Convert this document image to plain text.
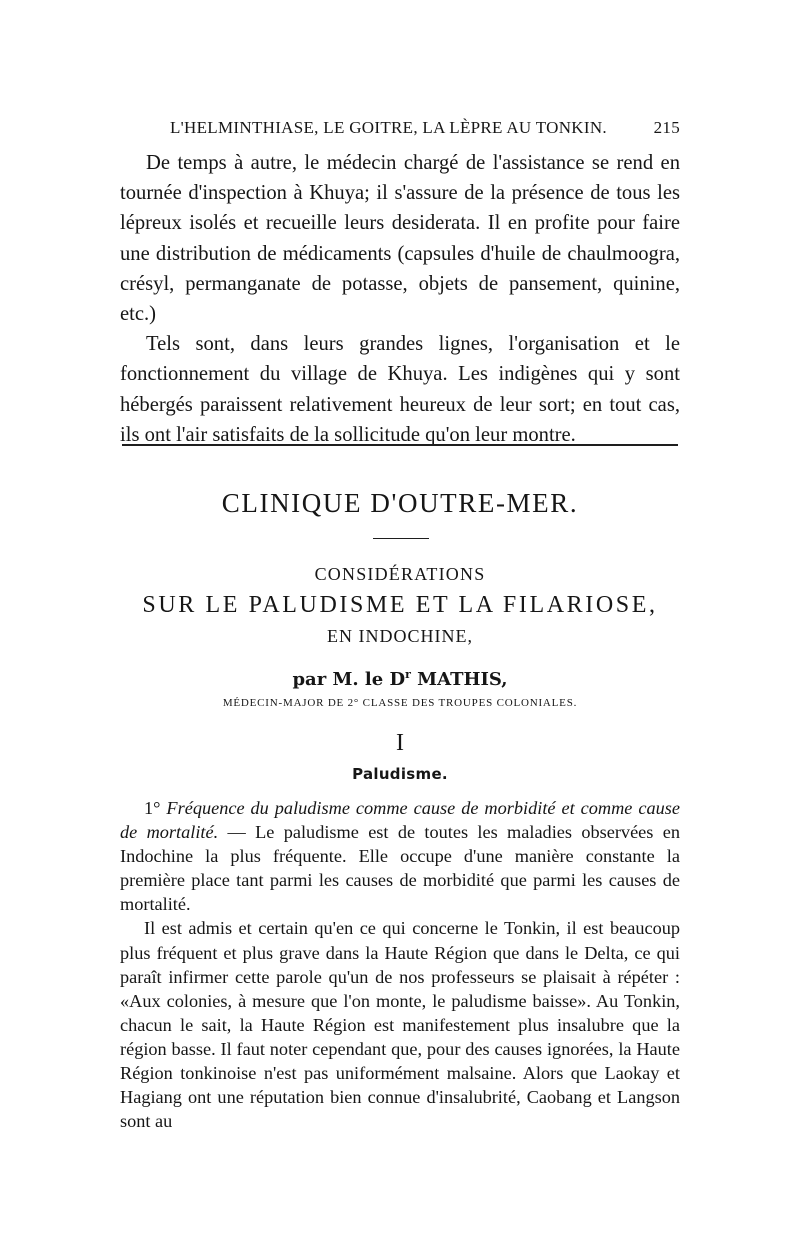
L'HELMINTHIASE, LE GOITRE, LA LÈPRE AU TONKIN.	215

De temps à autre, le médecin chargé de l'assistance se rend en tournée d'inspection à Khuya; il s'assure de la présence de tous les lépreux isolés et recueille leurs desiderata. Il en profite pour faire une distribution de médicaments (capsules d'huile de chaulmoogra, crésyl, permanganate de potasse, objets de pansement, quinine, etc.)

Tels sont, dans leurs grandes lignes, l'organisation et le fonctionnement du village de Khuya. Les indigènes qui y sont hébergés paraissent relativement heureux de leur sort; en tout cas, ils ont l'air satisfaits de la sollicitude qu'on leur montre.

CLINIQUE D'OUTRE-MER.
CONSIDÉRATIONS
SUR LE PALUDISME ET LA FILARIOSE,
EN INDOCHINE,
par M. le $D^r$ MATHIS,
MÉDECIN-MAJOR DE 2° CLASSE DES TROUPES COLONIALES.
I
Paludisme.

1° Fréquence du paludisme comme cause de morbidité et comme cause de mortalité. — Le paludisme est de toutes les maladies observées en Indochine la plus fréquente. Elle occupe d'une manière constante la première place tant parmi les causes de morbidité que parmi les causes de mortalité.

Il est admis et certain qu'en ce qui concerne le Tonkin, il est beaucoup plus fréquent et plus grave dans la Haute Région que dans le Delta, ce qui paraît infirmer cette parole qu'un de nos professeurs se plaisait à répéter : «Aux colonies, à mesure que l'on monte, le paludisme baisse». Au Tonkin, chacun le sait, la Haute Région est manifestement plus insalubre que la région basse. Il faut noter cependant que, pour des causes ignorées, la Haute Région tonkinoise n'est pas uniformément malsaine. Alors que Laokay et Hagiang ont une réputation bien connue d'insalubrité, Caobang et Langson sont au
